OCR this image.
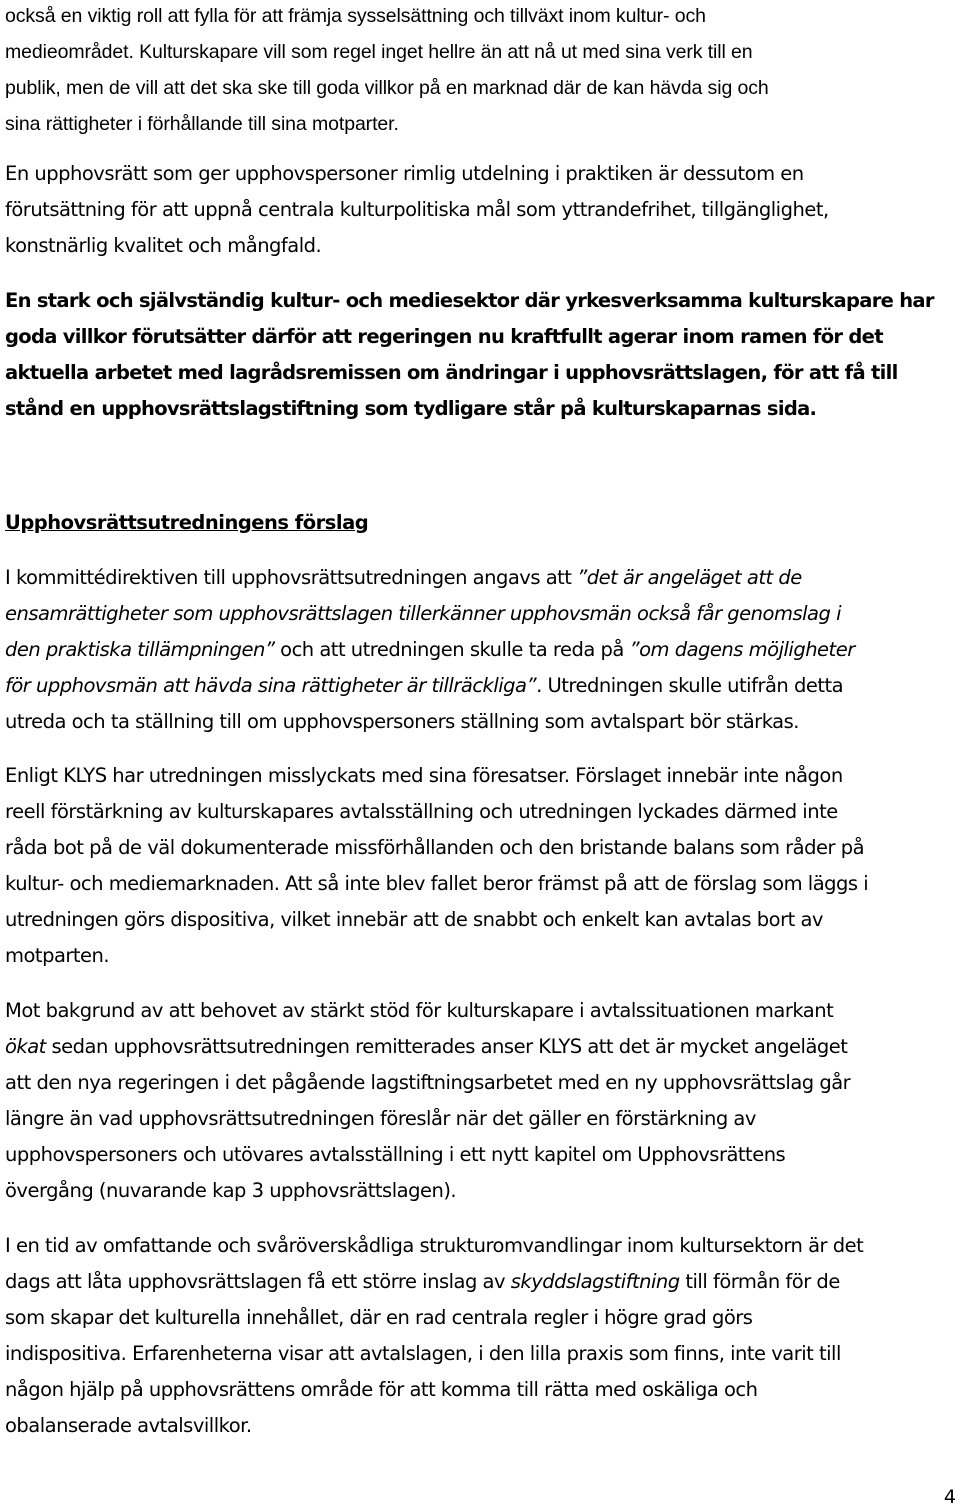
också en viktig roll att fylla för att främja sysselsättning och tillväxt inom kultur- och
medieområdet. Kulturskapare vill som regel inget hellre än att nå ut med sina verk till en
publik, men de vill att det ska ske till goda villkor på en marknad där de kan hävda sig och
sina rättigheter i förhållande till sina motparter.

En upphovsrätt som ger upphovspersoner rimlig utdelning i praktiken är dessutom en
förutsättning för att uppnå centrala kulturpolitiska mål som yttrandefrihet, tillgänglighet,
konstnärlig kvalitet och mångfald.

En stark och självständig kultur- och mediesektor där yrkesverksamma kulturskapare har
goda villkor förutsätter därför att regeringen nu kraftfullt agerar inom ramen för det
aktuella arbetet med lagrådsremissen om ändringar i upphovsrättslagen, för att få till
stånd en upphovsrättslagstiftning som tydligare står på kulturskaparnas sida.

Upphovsrättsutredningens förslag

I kommittédirektiven till upphovsrättsutredningen angavs att ”det är angeläget att de
ensamrättigheter som upphovsrättslagen tillerkänner upphovsmän också får genomslag i
den praktiska tillämpningen” och att utredningen skulle ta reda på ”om dagens möjligheter
för upphovsmän att hävda sina rättigheter är tillräckliga”. Utredningen skulle utifrån detta
utreda och ta ställning till om upphovspersoners ställning som avtalspart bör stärkas.

Enligt KLYS har utredningen misslyckats med sina föresatser. Förslaget innebär inte någon
reell förstärkning av kulturskapares avtalsställning och utredningen lyckades därmed inte
råda bot på de väl dokumenterade missförhållanden och den bristande balans som råder på
kultur- och mediemarknaden. Att så inte blev fallet beror främst på att de förslag som läggs i
utredningen görs dispositiva, vilket innebär att de snabbt och enkelt kan avtalas bort av
motparten.

Mot bakgrund av att behovet av stärkt stöd för kulturskapare i avtalssituationen markant
ökat sedan upphovsrättsutredningen remitterades anser KLYS att det är mycket angeläget
att den nya regeringen i det pågående lagstiftningsarbetet med en ny upphovsrättslag går
längre än vad upphovsrättsutredningen föreslår när det gäller en förstärkning av
upphovspersoners och utövares avtalsställning i ett nytt kapitel om Upphovsrättens
övergång (nuvarande kap 3 upphovsrättslagen).

I en tid av omfattande och svåröverskådliga strukturomvandlingar inom kultursektorn är det
dags att låta upphovsrättslagen få ett större inslag av skyddslagstiftning till förmån för de
som skapar det kulturella innehållet, där en rad centrala regler i högre grad görs
indispositiva. Erfarenheterna visar att avtalslagen, i den lilla praxis som finns, inte varit till
någon hjälp på upphovsrättens område för att komma till rätta med oskäliga och
obalanserade avtalsvillkor.

4
